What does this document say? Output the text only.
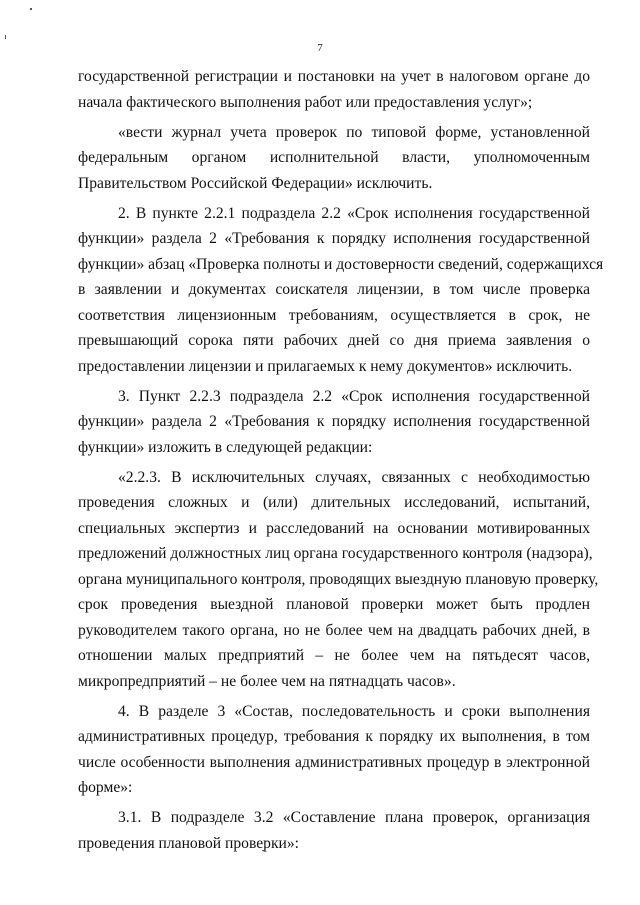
7

государственной регистрации и постановки на учет в налоговом органе до
начала фактического выполнения работ или предоставления услуг»;

«вести журнал учета проверок по типовой форме, установленной
федеральным органом исполнительной власти, уполномоченным
Правительством Российской Федерации» исключить.

2. В пункте 2.2.1 подраздела 2.2 «Срок исполнения государственной
функции» раздела 2 «Требования к порядку исполнения государственной
функции» абзац «Проверка полноты и достоверности сведений, содержащихся
в заявлении и документах соискателя лицензии, в том числе проверка
соответствия лицензионным требованиям, осуществляется в срок, не
превышающий сорока пяти рабочих дней со дня приема заявления о
предоставлении лицензии и прилагаемых к нему документов» исключить.

3. Пункт 2.2.3 подраздела 2.2 «Срок исполнения государственной
функции» раздела 2 «Требования к порядку исполнения государственной
функции» изложить в следующей редакции:

«2.2.3. В исключительных случаях, связанных с необходимостью
проведения сложных и (или) длительных исследований, испытаний,
специальных экспертиз и расследований на основании мотивированных
предложений должностных лиц органа государственного контроля (надзора),
органа муниципального контроля, проводящих выездную плановую проверку,
срок проведения выездной плановой проверки может быть продлен
руководителем такого органа, но не более чем на двадцать рабочих дней, в
отношении малых предприятий – не более чем на пятьдесят часов,
микропредприятий – не более чем на пятнадцать часов».

4. В разделе 3 «Состав, последовательность и сроки выполнения
административных процедур, требования к порядку их выполнения, в том
числе особенности выполнения административных процедур в электронной
форме»:

3.1. В подразделе 3.2 «Составление плана проверок, организация
проведения плановой проверки»:
